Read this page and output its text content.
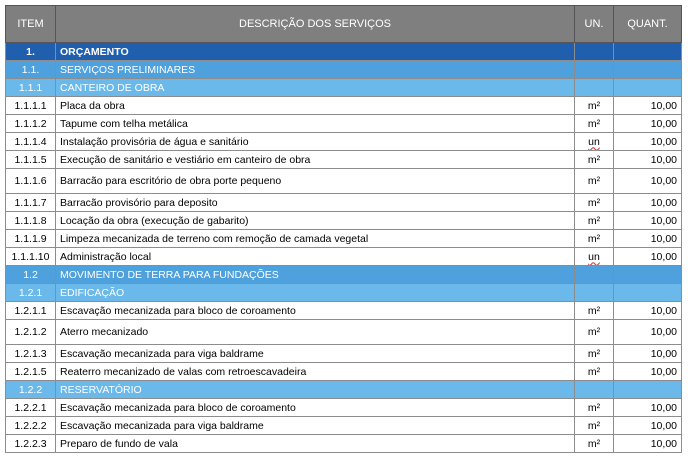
ITEM	DESCRIÇÃO DOS SERVIÇOS	UN.	QUANT.
1.	ORÇAMENTO		
1.1.	SERVIÇOS PRELIMINARES		
1.1.1	CANTEIRO DE OBRA		
1.1.1.1	Placa da obra	m²	10,00
1.1.1.2	Tapume com telha metálica	m²	10,00
1.1.1.4	Instalação provisória de água e sanitário	un	10,00
1.1.1.5	Execução de sanitário e vestiário em canteiro de obra	m²	10,00
1.1.1.6	Barracão para escritório de obra porte pequeno	m²	10,00
1.1.1.7	Barracão provisório para deposito	m²	10,00
1.1.1.8	Locação da obra (execução de gabarito)	m²	10,00
1.1.1.9	Limpeza mecanizada de terreno com remoção de camada vegetal	m²	10,00
1.1.1.10	Administração local	un	10,00
1.2	MOVIMENTO DE TERRA PARA FUNDAÇÕES		
1.2.1	EDIFICAÇÃO		
1.2.1.1	Escavação mecanizada para bloco de coroamento	m²	10,00
1.2.1.2	Aterro mecanizado	m²	10,00
1.2.1.3	Escavação mecanizada para viga baldrame	m²	10,00
1.2.1.5	Reaterro mecanizado de valas com retroescavadeira	m²	10,00
1.2.2	RESERVATÓRIO		
1.2.2.1	Escavação mecanizada para bloco de coroamento	m²	10,00
1.2.2.2	Escavação mecanizada para viga baldrame	m²	10,00
1.2.2.3	Preparo de fundo de vala	m²	10,00
